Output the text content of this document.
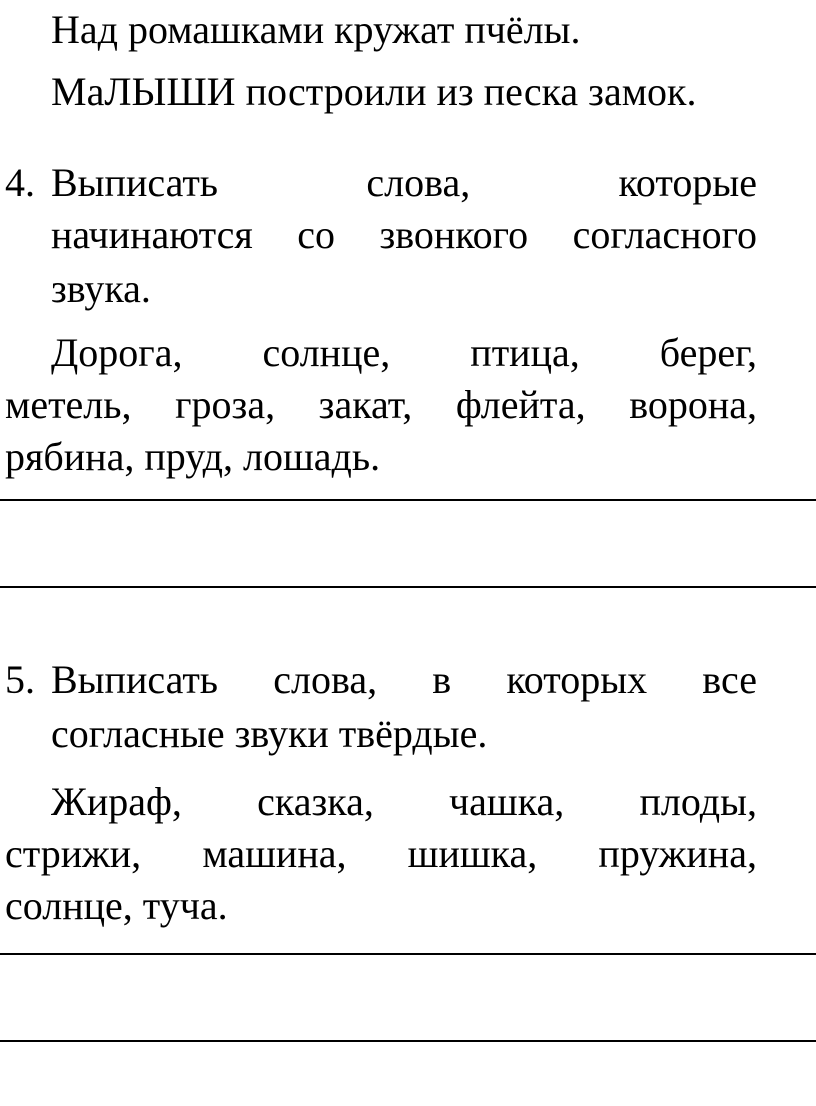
Над ромашками кружат пчёлы.
МаЛЫШИ построили из песка замок.
4. Выписать	слова,	которые
начинаются со звонкого согласного
звука.
Дорога, солнце, птица, берег,
метель, гроза, закат, флейта, ворона,
рябина, пруд, лошадь.
5. Выписать слова, в которых все
согласные звуки твёрдые.
Жираф, сказка, чашка, плоды,
стрижи, машина, шишка, пружина,
солнце, туча.
